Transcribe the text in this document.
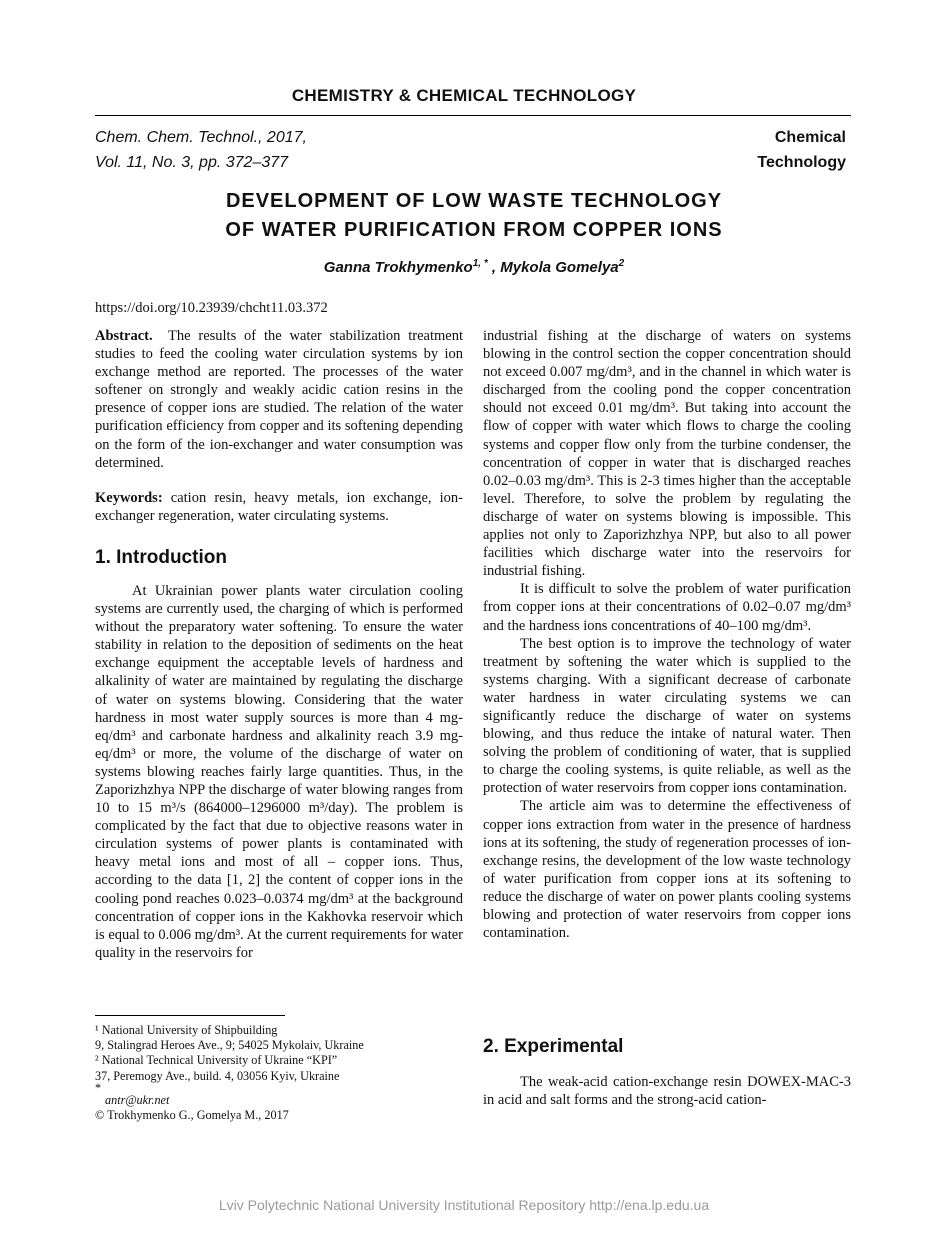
CHEMISTRY & CHEMICAL TECHNOLOGY
Chem. Chem. Technol., 2017,
Vol. 11, No. 3, pp. 372–377
Chemical
Technology
DEVELOPMENT OF LOW WASTE TECHNOLOGY
OF WATER PURIFICATION FROM COPPER IONS
Ganna Trokhymenko$^{1, *}$ , Mykola Gomelya$^2$
https://doi.org/10.23939/chcht11.03.372

Abstract. The results of the water stabilization treatment studies to feed the cooling water circulation systems by ion exchange method are reported. The processes of the water softener on strongly and weakly acidic cation resins in the presence of copper ions are studied. The relation of the water purification efficiency from copper and its softening depending on the form of the ion-exchanger and water consumption was determined.

Keywords: cation resin, heavy metals, ion exchange, ion-exchanger regeneration, water circulating systems.

1. Introduction

At Ukrainian power plants water circulation cooling systems are currently used, the charging of which is performed without the preparatory water softening. To ensure the water stability in relation to the deposition of sediments on the heat exchange equipment the acceptable levels of hardness and alkalinity of water are maintained by regulating the discharge of water on systems blowing. Considering that the water hardness in most water supply sources is more than 4 mg-eq/dm³ and carbonate hardness and alkalinity reach 3.9 mg-eq/dm³ or more, the volume of the discharge of water on systems blowing reaches fairly large quantities. Thus, in the Zaporizhzhya NPP the discharge of water blowing ranges from 10 to 15 m³/s (864000–1296000 m³/day). The problem is complicated by the fact that due to objective reasons water in circulation systems of power plants is contaminated with heavy metal ions and most of all – copper ions. Thus, according to the data [1, 2] the content of copper ions in the cooling pond reaches 0.023–0.0374 mg/dm³ at the background concentration of copper ions in the Kakhovka reservoir which is equal to 0.006 mg/dm³. At the current requirements for water quality in the reservoirs for

industrial fishing at the discharge of waters on systems blowing in the control section the copper concentration should not exceed 0.007 mg/dm³, and in the channel in which water is discharged from the cooling pond the copper concentration should not exceed 0.01 mg/dm³. But taking into account the flow of copper with water which flows to charge the cooling systems and copper flow only from the turbine condenser, the concentration of copper in water that is discharged reaches 0.02–0.03 mg/dm³. This is 2-3 times higher than the acceptable level. Therefore, to solve the problem by regulating the discharge of water on systems blowing is impossible. This applies not only to Zaporizhzhya NPP, but also to all power facilities which discharge water into the reservoirs for industrial fishing.

It is difficult to solve the problem of water purification from copper ions at their concentrations of 0.02–0.07 mg/dm³ and the hardness ions concentrations of 40–100 mg/dm³.

The best option is to improve the technology of water treatment by softening the water which is supplied to the systems charging. With a significant decrease of carbonate water hardness in water circulating systems we can significantly reduce the discharge of water on systems blowing, and thus reduce the intake of natural water. Then solving the problem of conditioning of water, that is supplied to charge the cooling systems, is quite reliable, as well as the protection of water reservoirs from copper ions contamination.

The article aim was to determine the effectiveness of copper ions extraction from water in the presence of hardness ions at its softening, the study of regeneration processes of ion-exchange resins, the development of the low waste technology of water purification from copper ions at its softening to reduce the discharge of water on power plants cooling systems blowing and protection of water reservoirs from copper ions contamination.

2. Experimental

The weak-acid cation-exchange resin DOWEX-MAC-3 in acid and salt forms and the strong-acid cation-

¹ National University of Shipbuilding
9, Stalingrad Heroes Ave., 9; 54025 Mykolaiv, Ukraine
² National Technical University of Ukraine “KPI”
37, Peremogy Ave., build. 4, 03056 Kyiv, Ukraine
*
antr@ukr.net
© Trokhymenko G., Gomelya M., 2017
Lviv Polytechnic National University Institutional Repository http://ena.lp.edu.ua
